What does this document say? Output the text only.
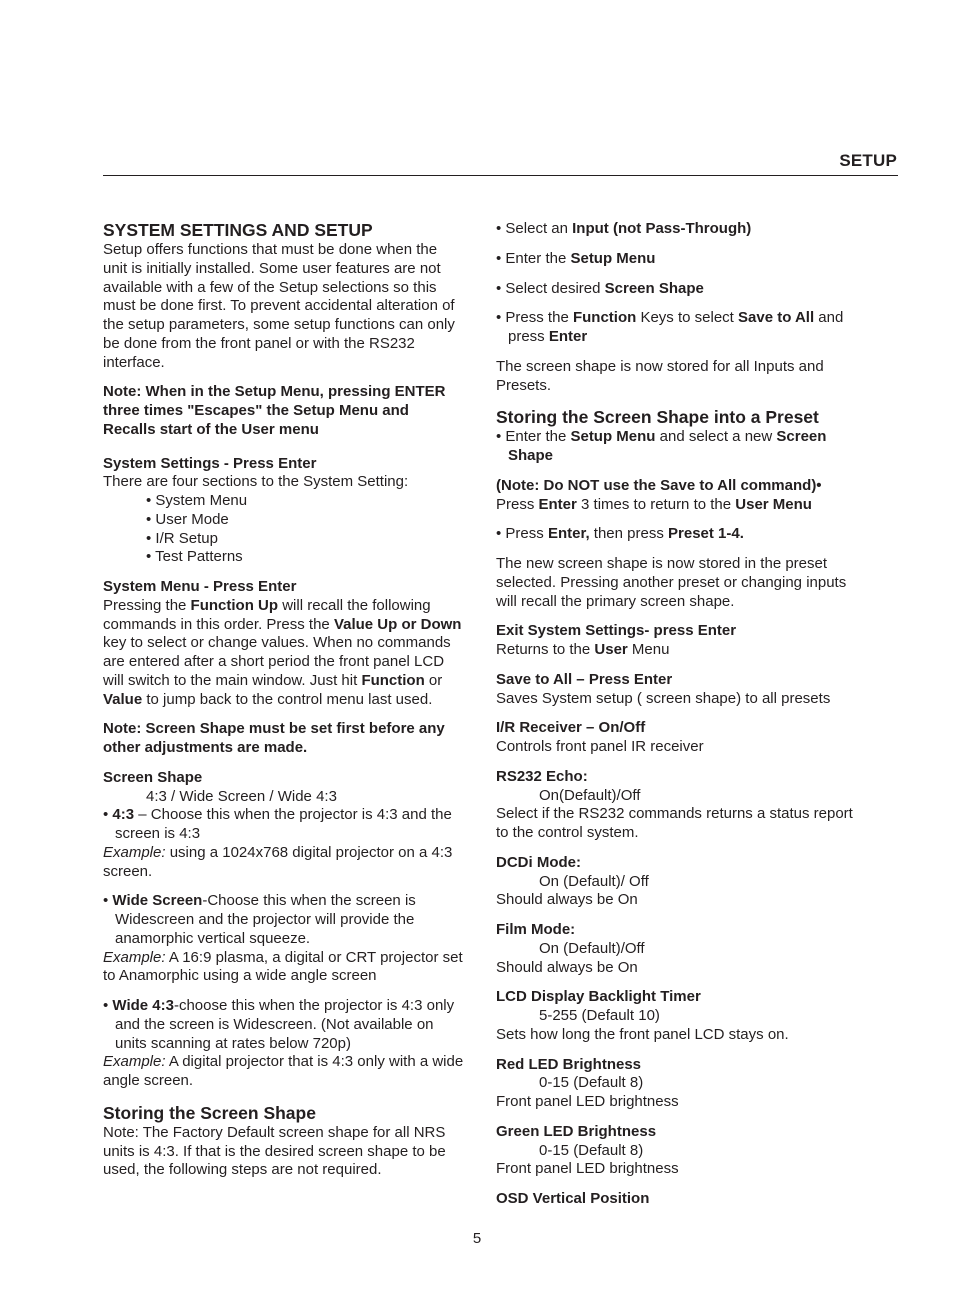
SETUP

SYSTEM SETTINGS AND SETUP

Setup offers functions that must be done when the unit is initially installed. Some user features are not available with a few of the Setup selections so this must be done first. To prevent accidental alteration of the setup parameters, some setup functions can only be done from the front panel or with the RS232 interface.

Note: When in the Setup Menu, pressing ENTER three times "Escapes" the Setup Menu and Recalls start of the User menu

System Settings - Press Enter

There are four sections to the System Setting:

• System Menu

• User Mode

• I/R Setup

• Test Patterns

System Menu - Press Enter

Pressing the Function Up will recall the following commands in this order. Press the Value Up or Down key to select or change values. When no commands are entered after a short period the front panel LCD will switch to the main window. Just hit Function or Value to jump back to the control menu last used.

Note: Screen Shape must be set first before any other adjustments are made.

Screen Shape

4:3 / Wide Screen / Wide 4:3

• 4:3 – Choose this when the projector is 4:3 and the screen is 4:3

Example: using a 1024x768 digital projector on a 4:3 screen.

• Wide Screen-Choose this when the screen is Widescreen and the projector will provide the anamorphic vertical squeeze.

Example: A 16:9 plasma, a digital or CRT projector set to Anamorphic using a wide angle screen

• Wide 4:3-choose this when the projector is 4:3 only and the screen is Widescreen. (Not available on units scanning at rates below 720p)

Example: A digital projector that is 4:3 only with a wide angle screen.

Storing the Screen Shape

Note: The Factory Default screen shape for all NRS units is 4:3. If that is the desired screen shape to be used, the following steps are not required.

• Select an Input (not Pass-Through)

• Enter the Setup Menu

• Select desired Screen Shape

• Press the Function Keys to select Save to All and press Enter

The screen shape is now stored for all Inputs and Presets.

Storing the Screen Shape into a Preset

• Enter the Setup Menu and select a new Screen Shape

(Note: Do NOT use the Save to All command)• Press Enter 3 times to return to the User Menu

• Press Enter, then press Preset 1-4.

The new screen shape is now stored in the preset selected. Pressing another preset or changing inputs will recall the primary screen shape.

Exit System Settings- press Enter

Returns to the User Menu

Save to All – Press Enter

Saves System setup ( screen shape) to all presets

I/R Receiver – On/Off

Controls front panel IR receiver

RS232 Echo:

On(Default)/Off

Select if the RS232 commands returns a status report to the control system.

DCDi Mode:

On (Default)/ Off

Should always be On

Film Mode:

On (Default)/Off

Should always be On

LCD Display Backlight Timer

5-255 (Default 10)

Sets how long the front panel LCD stays on.

Red LED Brightness

0-15 (Default 8)

Front panel LED brightness

Green LED Brightness

0-15 (Default 8)

Front panel LED brightness

OSD Vertical Position

5
